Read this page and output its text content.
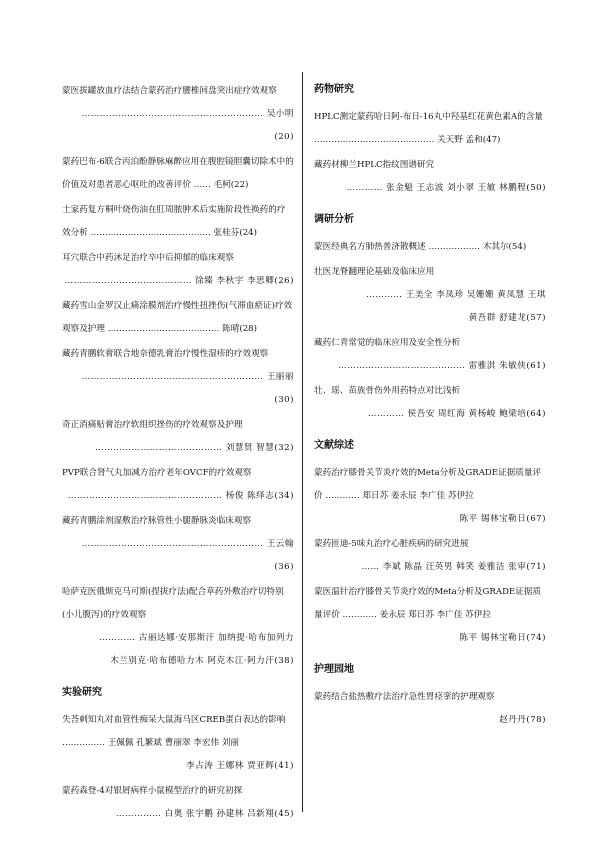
蒙医拔罐放血疗法结合蒙药治疗腰椎间盘突出症疗效观察
…………………………………………………… 吴小明(20)
蒙药巴布-6联合丙泊酚静脉麻醉应用在腹腔镜胆囊切除术中的价值及对患者恶心呕吐的改善评价 …… 毛柯(22)
土家药复方桐叶烧伤油在肛周脓肿术后实施阶段性换药的疗效分析 …………………………………… 张桂芬(24)
耳穴联合中药沐足治疗卒中后抑郁的临床观察
…………………………………… 徐臻 李秋宇 李思卿(26)
藏药雪山金罗汉止痛涂膜剂治疗慢性扭挫伤(气滞血瘀证)疗效观察及护理 ………………………………… 陈晴(28)
藏药青鹏软膏联合地奈德乳膏治疗慢性湿疹的疗效观察
…………………………………………………… 王丽丽(30)
奇正消痛贴膏治疗软组织挫伤的疗效观察及护理
…………………………………… 刘慧贤 智慧(32)
PVP联合肾气丸加减方治疗老年OVCF的疗效观察
…………………………………………… 杨俊 陈绎志(34)
藏药青鹏涂剂湿敷治疗脉管性小腿静脉炎临床观察
…………………………………………………… 王云翰(36)
哈萨克医俄斯克马可斯(捏拔疗法)配合草药外敷治疗切特别(小儿腹泻)的疗效观察
………… 古丽达娜·安那斯汗 加纳提·哈布加列力
木兰别克·哈布德哈力木 阿克木江·阿力汗(38)
实验研究
失荅剌知丸对血管性痴呆大鼠海马区CREB蛋白表达的影响 …………… 王佩佩 孔繁斌 曹丽翠 李宏伟 刘丽
李占涛 王娜林 贾亚辉(41)
蒙药森登-4对银屑病样小鼠模型治疗的研究初探
…………… 白奥 张宇鹏 孙建林 吕新翔(45)
药物研究
HPLC测定蒙药哈日阿-布日-16丸中羟基红花黄色素A的含量 …………………………………… 关天野 孟和(47)
藏药材柳兰HPLC指纹图谱研究
………… 张金魁 王志波 刘小翠 王敏 林鹏程(50)
调研分析
蒙医经典名方肺热普济散概述 ……………… 木其尔(54)
壮医龙脊翻理论基础及临床应用
………… 王美全 李凤珍 吴姗姗 黄凤慧 王琪
黄吾群 舒建龙(57)
藏药仁青常觉的临床应用及安全性分析
…………………………………… 雷雅淇 朱敏侠(61)
壮、瑶、苗族骨伤外用药特点对比浅析
………… 侯吾安 周红海 黄杨峻 鲍梁培(64)
文献综述
蒙药治疗膝骨关节炎疗效的Meta分析及GRADE证据质量评价 ………… 郑日苏 姜永辰 李广佳 苏伊拉
陈平 锡林宝勒日(67)
蒙药匝迪-5味丸治疗心脏疾病的研究进展
…… 李斌 陈晶 汪英男 韩笑 姜雅洁 张审(71)
蒙医温针治疗膝骨关节炎疗效的Meta分析及GRADE证据质量评价 ………… 姜永辰 郑日苏 李广佳 苏伊拉
陈平 锡林宝勒日(74)
护理园地
蒙药结合盐热敷疗法治疗急性胃痉挛的护理观察
赵丹丹(78)
